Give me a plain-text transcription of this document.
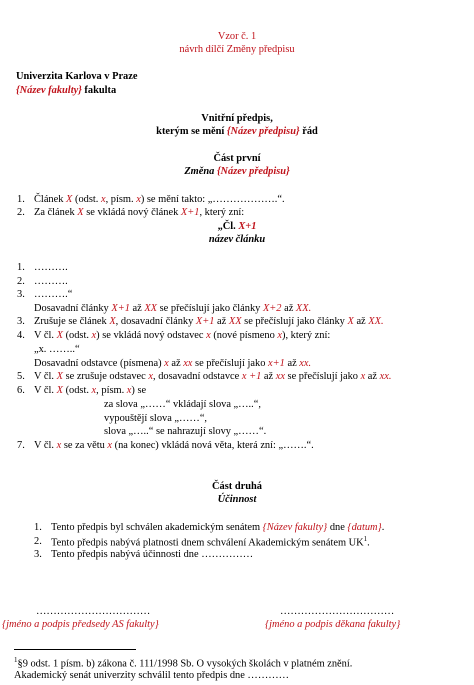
Vzor č. 1
návrh dílčí Změny předpisu
Univerzita Karlova v Praze
{Název fakulty} fakulta
Vnitřní předpis,
kterým se mění {Název předpisu} řád
Část první
Změna {Název předpisu}
1. Článek X (odst. x, písm. x) se mění takto: „……………….“.
2. Za článek X se vkládá nový článek X+1, který zní:
„Čl. X+1
název článku
1. ……….
2. ……….
3. ……….“
Dosavadní články X+1 až XX se přečíslují jako články X+2 až XX.
3. Zrušuje se článek X, dosavadní články X+1 až XX se přečíslují jako články X až XX.
4. V čl. X (odst. x) se vkládá nový odstavec x (nové písmeno x), který zní:
„x. ……..“
Dosavadní odstavce (písmena) x až xx se přečíslují jako x+1 až xx.
5. V čl. X se zrušuje odstavec x, dosavadní odstavce x +1 až xx se přečíslují jako x až xx.
6. V čl. X (odst. x, písm. x) se
za slova „……“ vkládají slova „…..“,
vypouštějí slova „……“,
slova „…..“ se nahrazují slovy „……“.
7. V čl. x se za větu x (na konec) vkládá nová věta, která zní: „…….“.
Část druhá
Účinnost
1. Tento předpis byl schválen akademickým senátem {Název fakulty} dne {datum}.
2. Tento předpis nabývá platnosti dnem schválení Akademickým senátem $UK^1$.
3. Tento předpis nabývá účinnosti dne ……………
……………………………	……………………………
{jméno a podpis předsedy AS fakulty}	{jméno a podpis děkana fakulty}
$^1$§9 odst. 1 písm. b) zákona č. 111/1998 Sb. O vysokých školách v platném znění.
Akademický senát univerzity schválil tento předpis dne …………
